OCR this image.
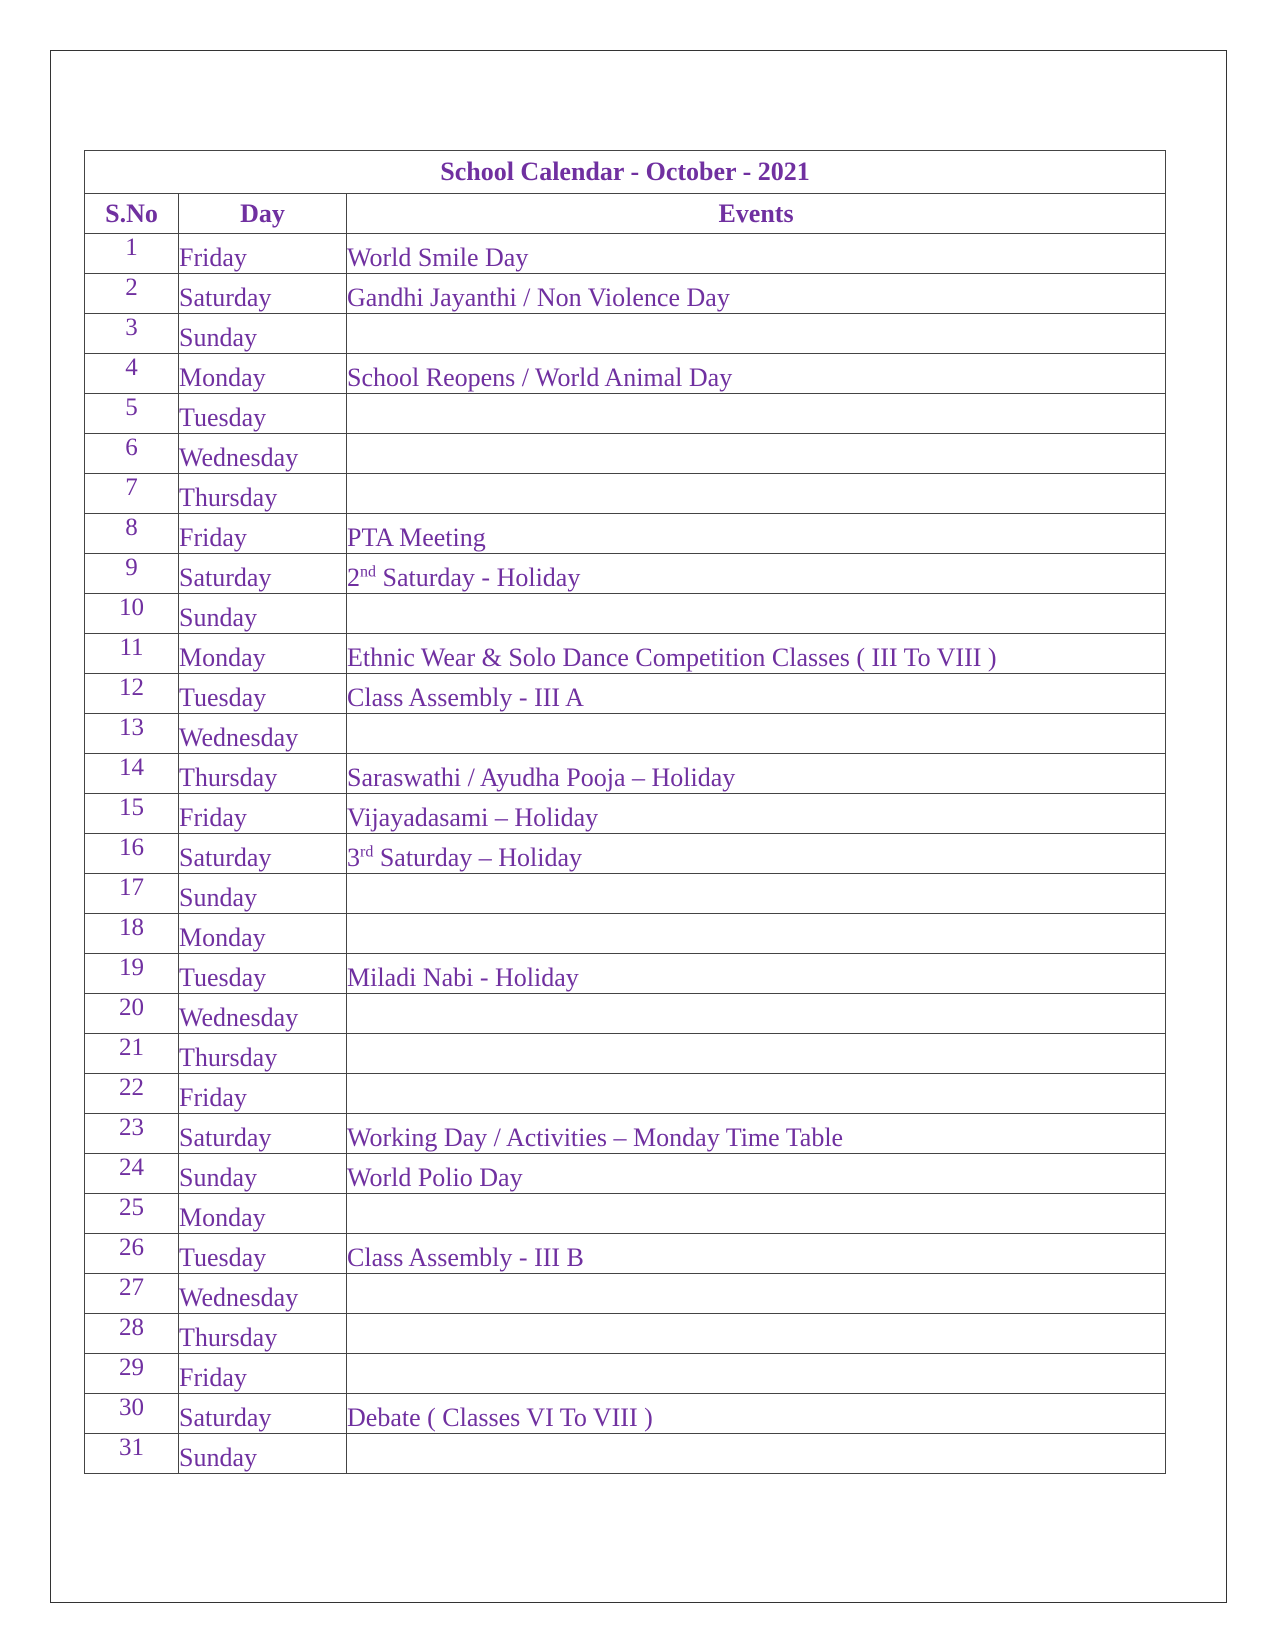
School Calendar - October - 2021		
S.No	Day	Events
1	Friday	World Smile Day
2	Saturday	Gandhi Jayanthi / Non Violence Day
3	Sunday	
4	Monday	School Reopens / World Animal Day
5	Tuesday	
6	Wednesday	
7	Thursday	
8	Friday	PTA Meeting
9	Saturday	2nd Saturday - Holiday
10	Sunday	
11	Monday	Ethnic Wear & Solo Dance Competition Classes ( III To VIII )
12	Tuesday	Class Assembly - III A
13	Wednesday	
14	Thursday	Saraswathi / Ayudha Pooja – Holiday
15	Friday	Vijayadasami – Holiday
16	Saturday	3rd Saturday – Holiday
17	Sunday	
18	Monday	
19	Tuesday	Miladi Nabi - Holiday
20	Wednesday	
21	Thursday	
22	Friday	
23	Saturday	Working Day / Activities – Monday Time Table
24	Sunday	World Polio Day
25	Monday	
26	Tuesday	Class Assembly - III B
27	Wednesday	
28	Thursday	
29	Friday	
30	Saturday	Debate ( Classes VI To VIII )
31	Sunday	
